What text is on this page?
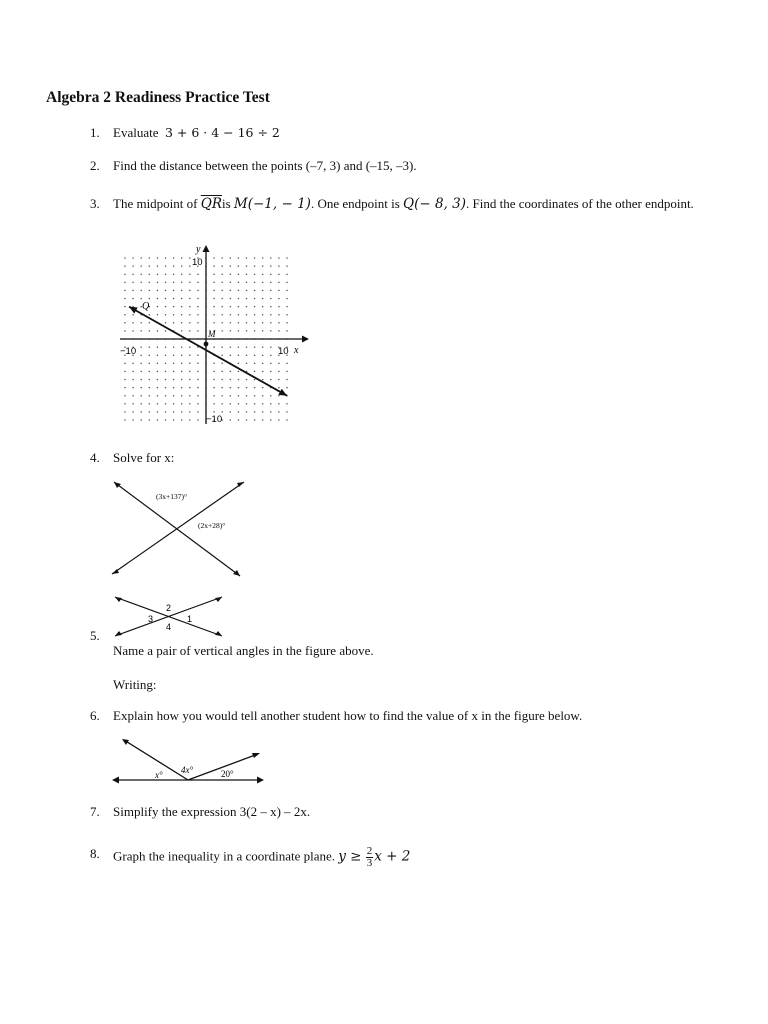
Algebra 2 Readiness Practice Test
1.	Evaluate 3 + 6 · 4 − 16 ÷ 2
2.	Find the distance between the points (–7, 3) and (–15, –3).
3.	The midpoint of $\overline{QR}is$ M(−1, − 1). One endpoint is Q(− 8, 3). Find the coordinates of the other endpoint.
y
10
−10
−10	10 x
Q
M
4.	Solve for x:
(3x+137)°
(2x+28)°
1
2
3
4
5.
Name a pair of vertical angles in the figure above.
Writing:
6.	Explain how you would tell another student how to find the value of x in the figure below.
x° 4x°	20°
7.	Simplify the expression 3(2 – x) – 2x.
8.	Graph the inequality in a coordinate plane. $y \ge \frac{2}{3}$ x + 2
